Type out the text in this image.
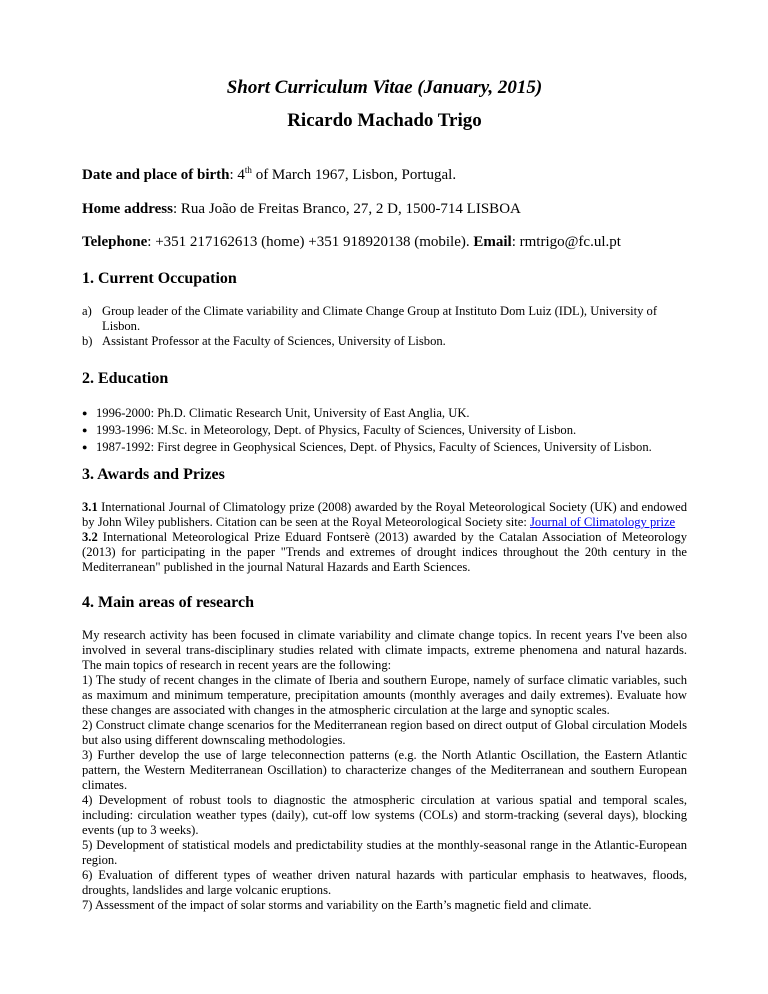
Short Curriculum Vitae (January, 2015)
Ricardo Machado Trigo
Date and place of birth: 4th of March 1967, Lisbon, Portugal.
Home address: Rua João de Freitas Branco, 27, 2 D, 1500-714 LISBOA
Telephone: +351 217162613 (home) +351 918920138 (mobile). Email: rmtrigo@fc.ul.pt
1. Current Occupation
a) Group leader of the Climate variability and Climate Change Group at Instituto Dom Luiz (IDL), University of Lisbon.
b) Assistant Professor at the Faculty of Sciences, University of Lisbon.
2. Education
● 1996-2000: Ph.D. Climatic Research Unit, University of East Anglia, UK.
● 1993-1996: M.Sc. in Meteorology, Dept. of Physics, Faculty of Sciences, University of Lisbon.
● 1987-1992: First degree in Geophysical Sciences, Dept. of Physics, Faculty of Sciences, University of Lisbon.
3. Awards and Prizes
3.1 International Journal of Climatology prize (2008) awarded by the Royal Meteorological Society (UK) and endowed by John Wiley publishers. Citation can be seen at the Royal Meteorological Society site: Journal of Climatology prize
3.2 International Meteorological Prize Eduard Fontserè (2013) awarded by the Catalan Association of Meteorology (2013) for participating in the paper "Trends and extremes of drought indices throughout the 20th century in the Mediterranean" published in the journal Natural Hazards and Earth Sciences.
4. Main areas of research

My research activity has been focused in climate variability and climate change topics. In recent years I've been also involved in several trans-disciplinary studies related with climate impacts, extreme phenomena and natural hazards. The main topics of research in recent years are the following:

1) The study of recent changes in the climate of Iberia and southern Europe, namely of surface climatic variables, such as maximum and minimum temperature, precipitation amounts (monthly averages and daily extremes). Evaluate how these changes are associated with changes in the atmospheric circulation at the large and synoptic scales.

2) Construct climate change scenarios for the Mediterranean region based on direct output of Global circulation Models but also using different downscaling methodologies.

3) Further develop the use of large teleconnection patterns (e.g. the North Atlantic Oscillation, the Eastern Atlantic pattern, the Western Mediterranean Oscillation) to characterize changes of the Mediterranean and southern European climates.

4) Development of robust tools to diagnostic the atmospheric circulation at various spatial and temporal scales, including: circulation weather types (daily), cut-off low systems (COLs) and storm-tracking (several days), blocking events (up to 3 weeks).

5) Development of statistical models and predictability studies at the monthly-seasonal range in the Atlantic-European region.

6) Evaluation of different types of weather driven natural hazards with particular emphasis to heatwaves, floods, droughts, landslides and large volcanic eruptions.

7) Assessment of the impact of solar storms and variability on the Earth’s magnetic field and climate.
